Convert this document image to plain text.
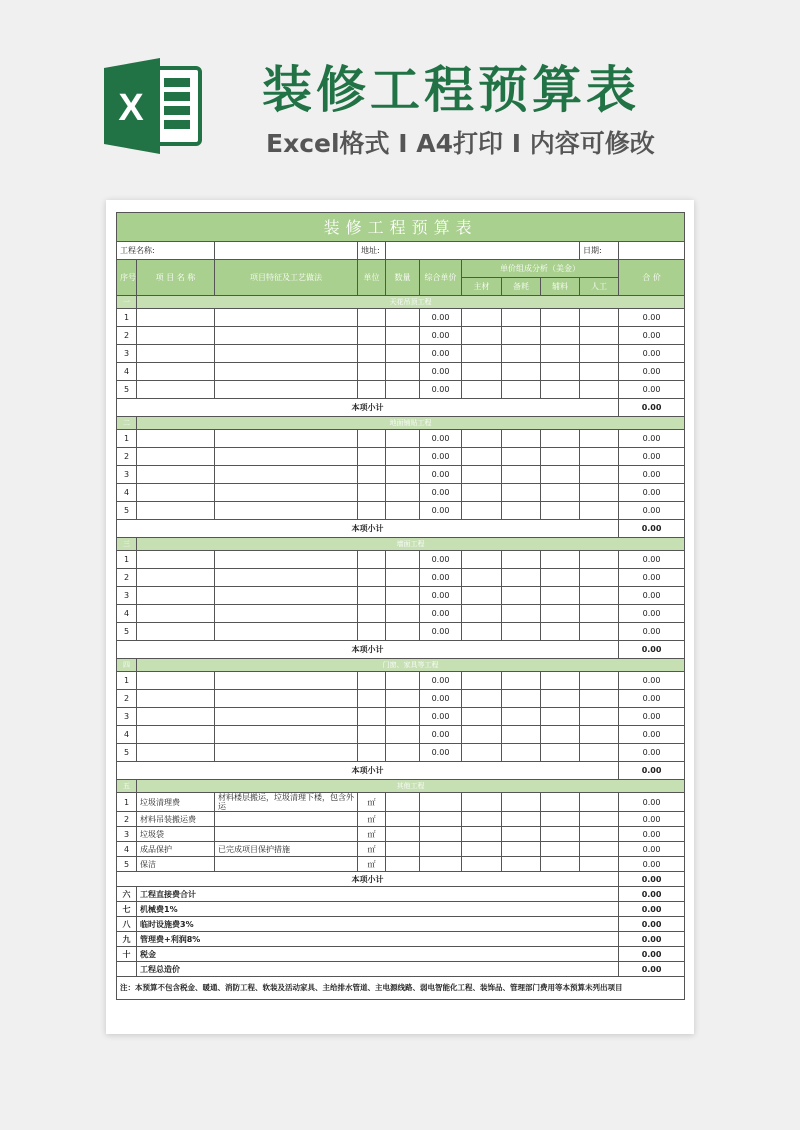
X 装修工程预算表
Excel格式 I A4打印 I 内容可修改
装修工程预算表										
工程名称:			地址:						日期:	
序号	项 目 名 称	项目特征及工艺做法	单位	数量	综合单价	单价组成分析（美金）				合 价
						主材	备耗	辅料	人工	
一	天花吊顶工程									
1					0.00					0.00
2					0.00					0.00
3					0.00					0.00
4					0.00					0.00
5					0.00					0.00
本项小计										0.00
二	地面铺贴工程									
1					0.00					0.00
2					0.00					0.00
3					0.00					0.00
4					0.00					0.00
5					0.00					0.00
本项小计										0.00
三	墙面工程									
1					0.00					0.00
2					0.00					0.00
3					0.00					0.00
4					0.00					0.00
5					0.00					0.00
本项小计										0.00
四	门窗、家具等工程									
1					0.00					0.00
2					0.00					0.00
3					0.00					0.00
4					0.00					0.00
5					0.00					0.00
本项小计										0.00
五	其他工程									
1	垃圾清理费	材料楼层搬运，垃圾清理下楼，包含外运	㎡							0.00
2	材料吊装搬运费		㎡							0.00
3	垃圾袋		㎡							0.00
4	成品保护	已完成项目保护措施	㎡							0.00
5	保洁		㎡							0.00
本项小计										0.00
六	工程直接费合计									0.00
七	机械费1%									0.00
八	临时设施费3%									0.00
九	管理费+利润8%									0.00
十	税金									0.00
	工程总造价									0.00
注：本预算不包含税金、暖通、消防工程、软装及活动家具、主给排水管道、主电源线路、弱电智能化工程、装饰品、管理部门费用等本预算未列出项目										
